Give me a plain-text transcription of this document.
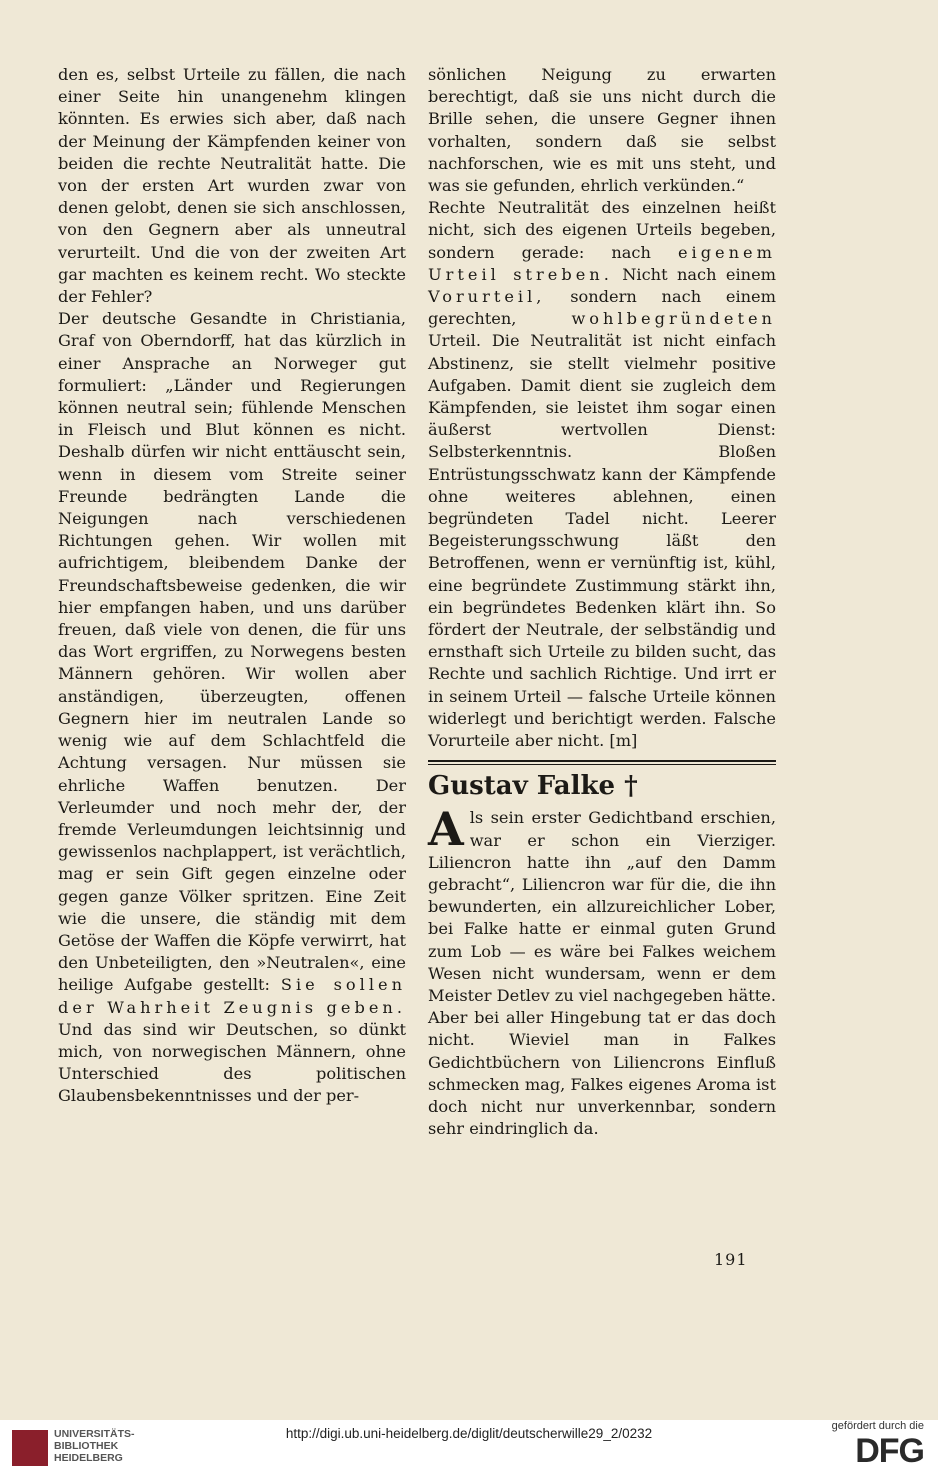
den es, selbst Urteile zu fällen, die nach einer Seite hin unangenehm klingen könnten. Es erwies sich aber, daß nach der Meinung der Kämpfenden keiner von beiden die rechte Neutralität hatte. Die von der ersten Art wurden zwar von denen gelobt, denen sie sich anschlossen, von den Gegnern aber als unneutral verurteilt. Und die von der zweiten Art gar machten es keinem recht. Wo steckte der Fehler?

Der deutsche Gesandte in Christiania, Graf von Oberndorff, hat das kürzlich in einer Ansprache an Norweger gut formuliert: „Länder und Regierungen können neutral sein; fühlende Menschen in Fleisch und Blut können es nicht. Deshalb dürfen wir nicht enttäuscht sein, wenn in diesem vom Streite seiner Freunde bedrängten Lande die Neigungen nach verschiedenen Richtungen gehen. Wir wollen mit aufrichtigem, bleibendem Danke der Freundschaftsbeweise gedenken, die wir hier empfangen haben, und uns darüber freuen, daß viele von denen, die für uns das Wort ergriffen, zu Norwegens besten Männern gehören. Wir wollen aber anständigen, überzeugten, offenen Gegnern hier im neutralen Lande so wenig wie auf dem Schlachtfeld die Achtung versagen. Nur müssen sie ehrliche Waffen benutzen. Der Verleumder und noch mehr der, der fremde Verleumdungen leichtsinnig und gewissenlos nachplappert, ist verächtlich, mag er sein Gift gegen einzelne oder gegen ganze Völker spritzen. Eine Zeit wie die unsere, die ständig mit dem Getöse der Waffen die Köpfe verwirrt, hat den Unbeteiligten, den »Neutralen«, eine heilige Aufgabe gestellt: Sie sollen der Wahrheit Zeugnis geben. Und das sind wir Deutschen, so dünkt mich, von norwegischen Männern, ohne Unterschied des politischen Glaubensbekenntnisses und der per-

sönlichen Neigung zu erwarten berechtigt, daß sie uns nicht durch die Brille sehen, die unsere Gegner ihnen vorhalten, sondern daß sie selbst nachforschen, wie es mit uns steht, und was sie gefunden, ehrlich verkünden.“

Rechte Neutralität des einzelnen heißt nicht, sich des eigenen Urteils begeben, sondern gerade: nach eigenem Urteil streben. Nicht nach einem Vorurteil, sondern nach einem gerechten,	wohlbegründeten Urteil. Die Neutralität ist nicht einfach Abstinenz, sie stellt vielmehr positive Aufgaben. Damit dient sie zugleich dem Kämpfenden, sie leistet ihm sogar einen äußerst wertvollen Dienst: Selbsterkenntnis. Bloßen Entrüstungsschwatz kann der Kämpfende ohne weiteres ablehnen, einen begründeten Tadel nicht. Leerer Begeisterungsschwung läßt den Betroffenen, wenn er vernünftig ist, kühl, eine begründete Zustimmung stärkt ihn, ein begründetes Bedenken klärt ihn. So fördert der Neutrale, der selbständig und ernsthaft sich Urteile zu bilden sucht, das Rechte und sachlich Richtige. Und irrt er in seinem Urteil — falsche Urteile können widerlegt und berichtigt werden. Falsche Vorurteile aber nicht. [m]

Gustav Falke †

Als sein erster Gedichtband erschien, war er schon ein Vierziger. Liliencron hatte ihn „auf den Damm gebracht“, Liliencron war für die, die ihn bewunderten, ein allzureichlicher Lober, bei Falke hatte er einmal guten Grund zum Lob — es wäre bei Falkes weichem Wesen nicht wundersam, wenn er dem Meister Detlev zu viel nachgegeben hätte. Aber bei aller Hingebung tat er das doch nicht. Wieviel man in Falkes Gedichtbüchern von Liliencrons Einfluß schmecken mag, Falkes eigenes Aroma ist doch nicht nur unverkennbar, sondern sehr eindringlich da.

191
UNIVERSITÄTS-
BIBLIOTHEK
HEIDELBERG
http://digi.ub.uni-heidelberg.de/diglit/deutscherwille29_2/0232	gefördert durch die
DFG
